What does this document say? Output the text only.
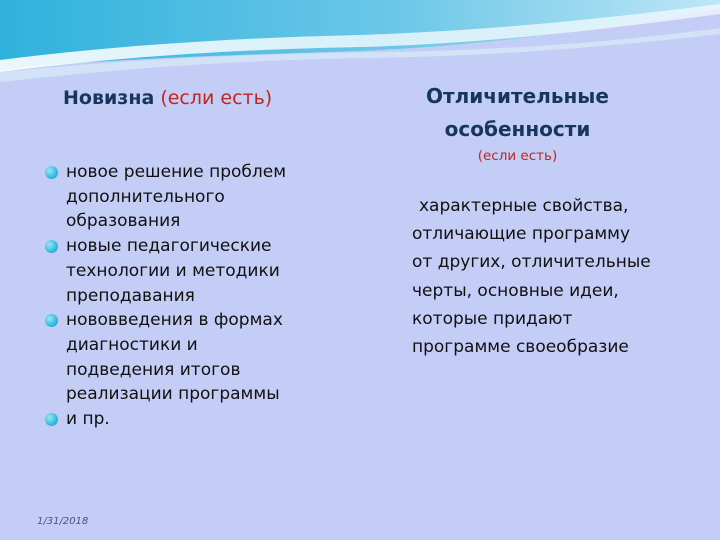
Новизна (если есть)
новое решение проблем
дополнительного
образования
новые педагогические
технологии и методики
преподавания
нововведения в формах
диагностики и
подведения итогов
реализации программы
и пр.
Отличительные
особенности
(если есть)
характерные свойства,
отличающие программу
от других, отличительные
черты, основные идеи,
которые придают
программе своеобразие
1/31/2018
